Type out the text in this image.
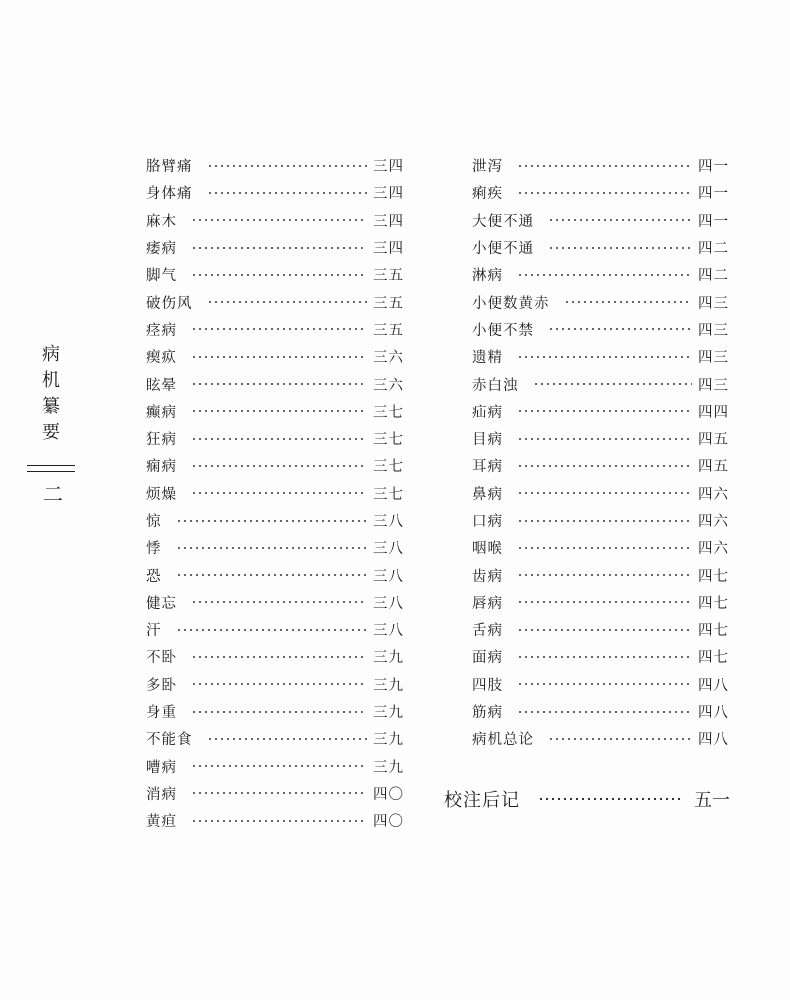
病
机
纂
要
二
胳臂痛	三四
身体痛	三四
麻木	三四
痿病	三四
脚气	三五
破伤风	三五
痉病	三五
瘈疭	三六
眩晕	三六
癫病	三七
狂病	三七
痫病	三七
烦燥	三七
惊	三八
悸	三八
恐	三八
健忘	三八
汗	三八
不卧	三九
多卧	三九
身重	三九
不能食	三九
嘈病	三九
消病	四〇
黄疸	四〇
泄泻	四一
痢疾	四一
大便不通	四一
小便不通	四二
淋病	四二
小便数黄赤	四三
小便不禁	四三
遗精	四三
赤白浊	四三
疝病	四四
目病	四五
耳病	四五
鼻病	四六
口病	四六
咽喉	四六
齿病	四七
唇病	四七
舌病	四七
面病	四七
四肢	四八
筋病	四八
病机总论	四八
校注后记	五一
